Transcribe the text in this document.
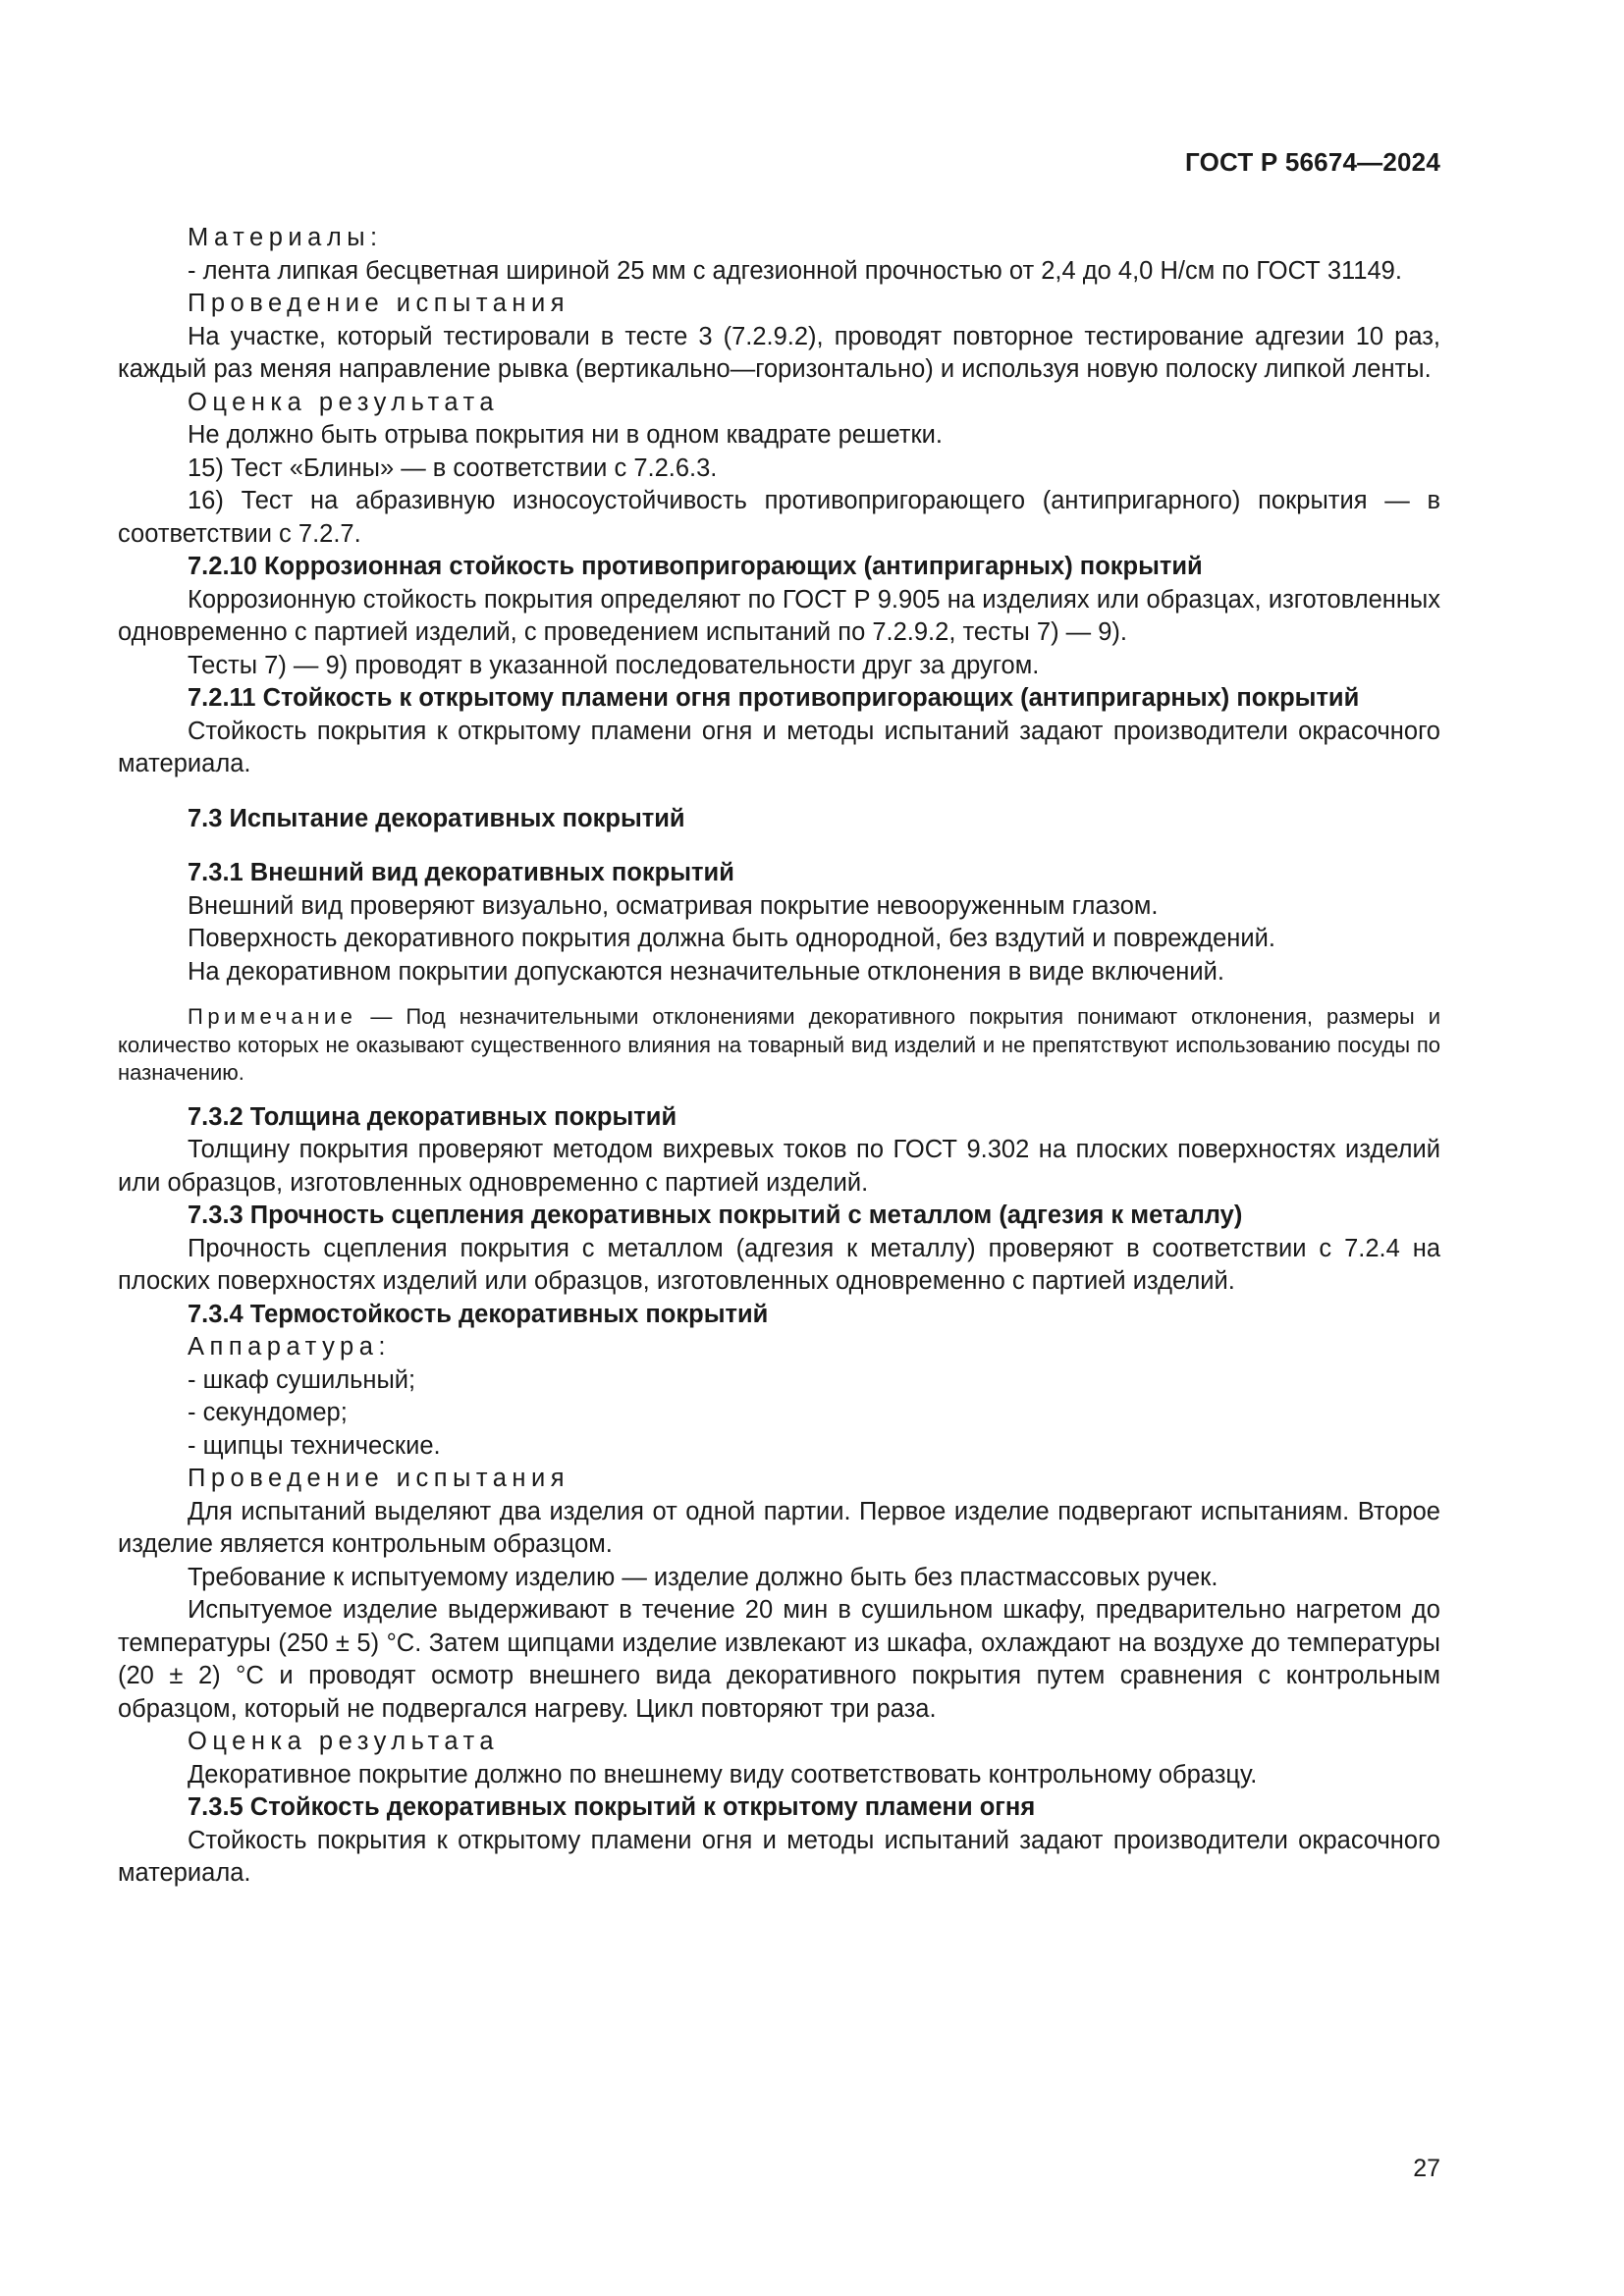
ГОСТ Р 56674—2024

Материалы:

- лента липкая бесцветная шириной 25 мм с адгезионной прочностью от 2,4 до 4,0 Н/см по ГОСТ 31149.

Проведение испытания

На участке, который тестировали в тесте 3 (7.2.9.2), проводят повторное тестирование адгезии 10 раз, каждый раз меняя направление рывка (вертикально—горизонтально) и используя новую полоску липкой ленты.

Оценка результата

Не должно быть отрыва покрытия ни в одном квадрате решетки.

15) Тест «Блины» — в соответствии с 7.2.6.3.

16) Тест на абразивную износоустойчивость противопригорающего (антипригарного) покрытия — в соответствии с 7.2.7.

7.2.10 Коррозионная стойкость противопригорающих (антипригарных) покрытий

Коррозионную стойкость покрытия определяют по ГОСТ Р 9.905 на изделиях или образцах, изготовленных одновременно с партией изделий, с проведением испытаний по 7.2.9.2, тесты 7) — 9).

Тесты 7) — 9) проводят в указанной последовательности друг за другом.

7.2.11 Стойкость к открытому пламени огня противопригорающих (антипригарных) покрытий

Стойкость покрытия к открытому пламени огня и методы испытаний задают производители окрасочного материала.

7.3 Испытание декоративных покрытий

7.3.1 Внешний вид декоративных покрытий

Внешний вид проверяют визуально, осматривая покрытие невооруженным глазом.

Поверхность декоративного покрытия должна быть однородной, без вздутий и повреждений.

На декоративном покрытии допускаются незначительные отклонения в виде включений.

Примечание — Под незначительными отклонениями декоративного покрытия понимают отклонения, размеры и количество которых не оказывают существенного влияния на товарный вид изделий и не препятствуют использованию посуды по назначению.

7.3.2 Толщина декоративных покрытий

Толщину покрытия проверяют методом вихревых токов по ГОСТ 9.302 на плоских поверхностях изделий или образцов, изготовленных одновременно с партией изделий.

7.3.3 Прочность сцепления декоративных покрытий с металлом (адгезия к металлу)

Прочность сцепления покрытия с металлом (адгезия к металлу) проверяют в соответствии с 7.2.4 на плоских поверхностях изделий или образцов, изготовленных одновременно с партией изделий.

7.3.4 Термостойкость декоративных покрытий

Аппаратура:

- шкаф сушильный;

- секундомер;

- щипцы технические.

Проведение испытания

Для испытаний выделяют два изделия от одной партии. Первое изделие подвергают испытаниям. Второе изделие является контрольным образцом.

Требование к испытуемому изделию — изделие должно быть без пластмассовых ручек.

Испытуемое изделие выдерживают в течение 20 мин в сушильном шкафу, предварительно нагретом до температуры (250 ± 5) °С. Затем щипцами изделие извлекают из шкафа, охлаждают на воздухе до температуры (20 ± 2) °С и проводят осмотр внешнего вида декоративного покрытия путем сравнения с контрольным образцом, который не подвергался нагреву. Цикл повторяют три раза.

Оценка результата

Декоративное покрытие должно по внешнему виду соответствовать контрольному образцу.

7.3.5 Стойкость декоративных покрытий к открытому пламени огня

Стойкость покрытия к открытому пламени огня и методы испытаний задают производители окрасочного материала.

27
